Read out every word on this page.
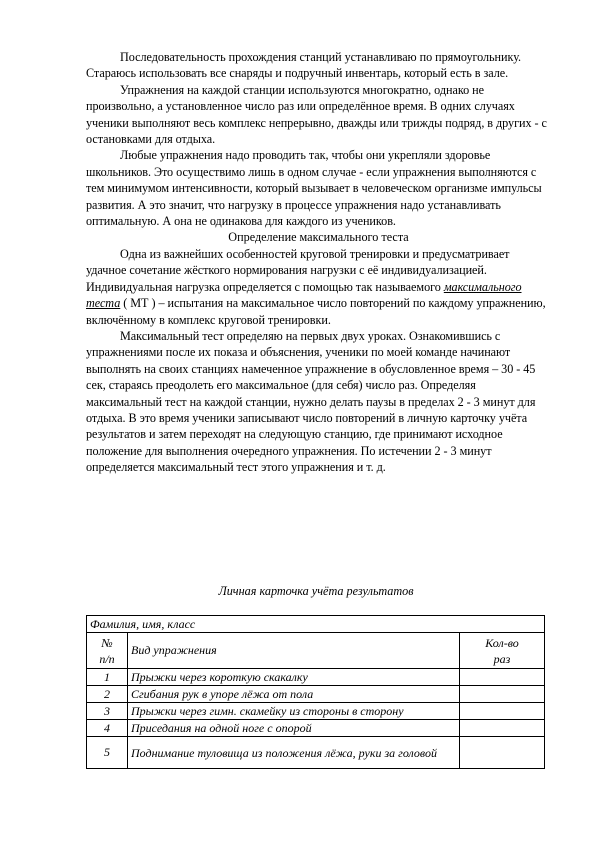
Последовательность прохождения станций устанавливаю по прямоугольнику. Стараюсь использовать все снаряды и подручный инвентарь, который есть в зале.

Упражнения на каждой станции используются многократно, однако не произвольно, а установленное число раз или определённое время. В одних случаях ученики выполняют весь комплекс непрерывно, дважды или трижды подряд, в других - с остановками для отдыха.

Любые упражнения надо проводить так, чтобы они укрепляли здоровье школьников. Это осуществимо лишь в одном случае - если упражнения выполняются с тем минимумом интенсивности, который вызывает в человеческом организме импульсы развития. А это значит, что нагрузку в процессе упражнения надо устанавливать оптимальную. А она не одинакова для каждого из учеников.

Определение максимального теста

Одна из важнейших особенностей круговой тренировки и предусматривает удачное сочетание жёсткого нормирования нагрузки с её индивидуализацией. Индивидуальная нагрузка определяется с помощью так называемого максимального теста ( МТ ) – испытания на максимальное число повторений по каждому упражнению, включённому в комплекс круговой тренировки.

Максимальный тест определяю на первых двух уроках. Ознакомившись с упражнениями после их показа и объяснения, ученики по моей команде начинают выполнять на своих станциях намеченное упражнение в обусловленное время – 30 - 45 сек, стараясь преодолеть его максимальное (для себя) число раз. Определяя максимальный тест на каждой станции, нужно делать паузы в пределах 2 - 3 минут для отдыха. В это время ученики записывают число повторений в личную карточку учёта результатов и затем переходят на следующую станцию, где принимают исходное положение для выполнения очередного упражнения. По истечении 2 - 3 минут определяется максимальный тест этого упражнения и т. д.

Личная карточка учёта результатов
Фамилия, имя, класс		
№
п/п	Вид упражнения	Кол-во
раз
1	Прыжки через короткую скакалку	
2	Сгибания рук в упоре лёжа от пола	
3	Прыжки через гимн. скамейку из стороны в сторону	
4	Приседания на одной ноге с опорой	
5	Поднимание туловища из положения лёжа, руки за головой	
